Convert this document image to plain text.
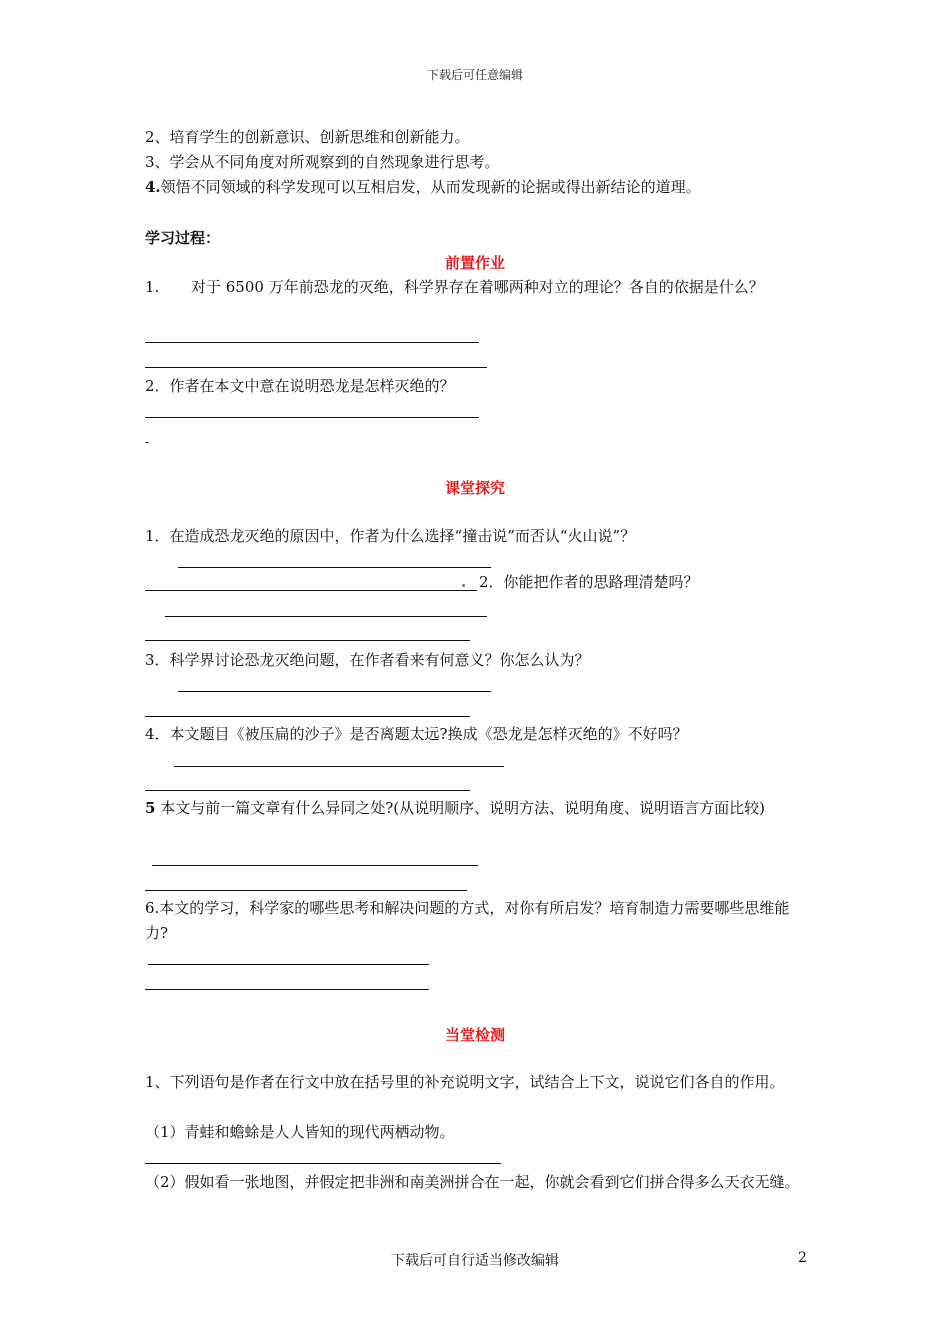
下载后可任意编辑
2、培育学生的创新意识、创新思维和创新能力。
3、学会从不同角度对所观察到的自然现象进行思考。
4.领悟不同领域的科学发现可以互相启发，从而发现新的论据或得出新结论的道理。
学习过程：
前置作业
1. 对于 6500 万年前恐龙的灭绝，科学界存在着哪两种对立的理论？各自的依据是什么？
2．作者在本文中意在说明恐龙是怎样灭绝的？
-
课堂探究
1．在造成恐龙灭绝的原因中，作者为什么选择“撞击说”而否认“火山说”？
2．你能把作者的思路理清楚吗？
3．科学界讨论恐龙灭绝问题，在作者看来有何意义？你怎么认为？
4．本文题目《被压扁的沙子》是否离题太远?换成《恐龙是怎样灭绝的》不好吗？
5 本文与前一篇文章有什么异同之处?(从说明顺序、说明方法、说明角度、说明语言方面比较)
6.本文的学习，科学家的哪些思考和解决问题的方式，对你有所启发？培育制造力需要哪些思维能力?
当堂检测
1、下列语句是作者在行文中放在括号里的补充说明文字，试结合上下文，说说它们各自的作用。
（1）青蛙和蟾蜍是人人皆知的现代两栖动物。
（2）假如看一张地图，并假定把非洲和南美洲拼合在一起，你就会看到它们拼合得多么天衣无缝。
下载后可自行适当修改编辑	2
